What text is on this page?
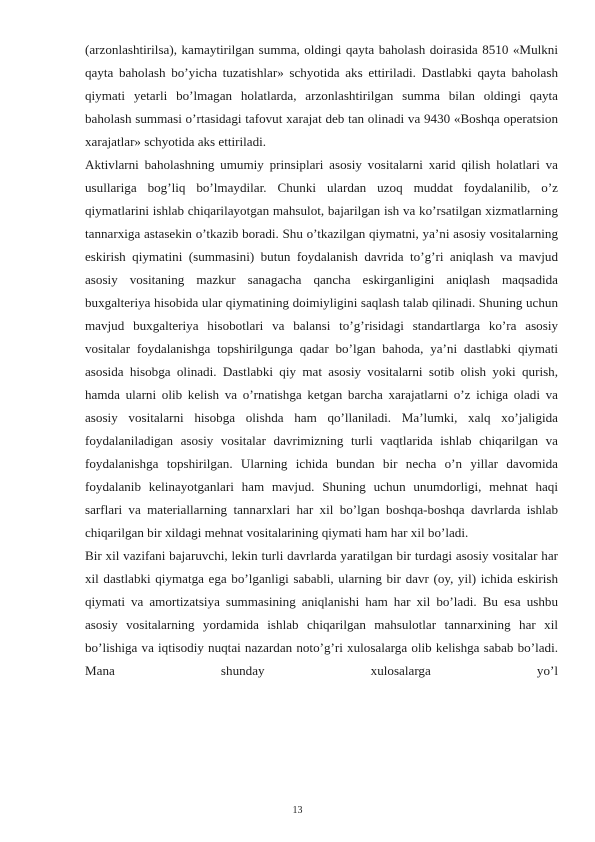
(arzonlashtirilsa), kamaytirilgan summa, oldingi qayta baholash doirasida 8510 «Mulkni qayta baholash bo’yicha tuzatishlar» schyotida aks ettiriladi. Dastlabki qayta baholash qiymati yetarli bo’lmagan holatlarda, arzonlashtirilgan summa bilan oldingi qayta baholash summasi o’rtasidagi tafovut xarajat deb tan olinadi va 9430 «Boshqa operatsion xarajatlar» schyotida aks ettiriladi.

Aktivlarni baholashning umumiy prinsiplari asosiy vositalarni xarid qilish holatlari va usullariga bog’liq bo’lmaydilar. Chunki ulardan uzoq muddat foydalanilib, o’z qiymatlarini ishlab chiqarilayotgan mahsulot, bajarilgan ish va ko’rsatilgan xizmatlarning tannarxiga astasekin o’tkazib boradi. Shu o’tkazilgan qiymatni, ya’ni asosiy vositalarning eskirish qiymatini (summasini) butun foydalanish davrida to’g’ri aniqlash va mavjud asosiy vositaning mazkur sanagacha qancha eskirganligini aniqlash maqsadida buxgalteriya hisobida ular qiymatining doimiyligini saqlash talab qilinadi. Shuning uchun mavjud buxgalteriya hisobotlari va balansi to’g’risidagi standartlarga ko’ra asosiy vositalar foydalanishga topshirilgunga qadar bo’lgan bahoda, ya’ni dastlabki qiymati asosida hisobga olinadi. Dastlabki qiy mat asosiy vositalarni sotib olish yoki qurish, hamda ularni olib kelish va o’rnatishga ketgan barcha xarajatlarni o’z ichiga oladi va asosiy vositalarni hisobga olishda ham qo’llaniladi. Ma’lumki, xalq xo’jaligida foydalaniladigan asosiy vositalar davrimizning turli vaqtlarida ishlab chiqarilgan va foydalanishga topshirilgan. Ularning ichida bundan bir necha o’n yillar davomida foydalanib kelinayotganlari ham mavjud. Shuning uchun unumdorligi, mehnat haqi sarflari va materiallarning tannarxlari har xil bo’lgan boshqa-boshqa davrlarda ishlab chiqarilgan bir xildagi mehnat vositalarining qiymati ham har xil bo’ladi.

Bir xil vazifani bajaruvchi, lekin turli davrlarda yaratilgan bir turdagi asosiy vositalar har xil dastlabki qiymatga ega bo’lganligi sababli, ularning bir davr (oy, yil) ichida eskirish qiymati va amortizatsiya summasining aniqlanishi ham har xil bo’ladi. Bu esa ushbu asosiy vositalarning yordamida ishlab chiqarilgan mahsulotlar tannarxining har xil bo’lishiga va iqtisodiy nuqtai nazardan noto’g’ri xulosalarga olib kelishga sabab bo’ladi. Mana shunday xulosalarga yo’l

13
